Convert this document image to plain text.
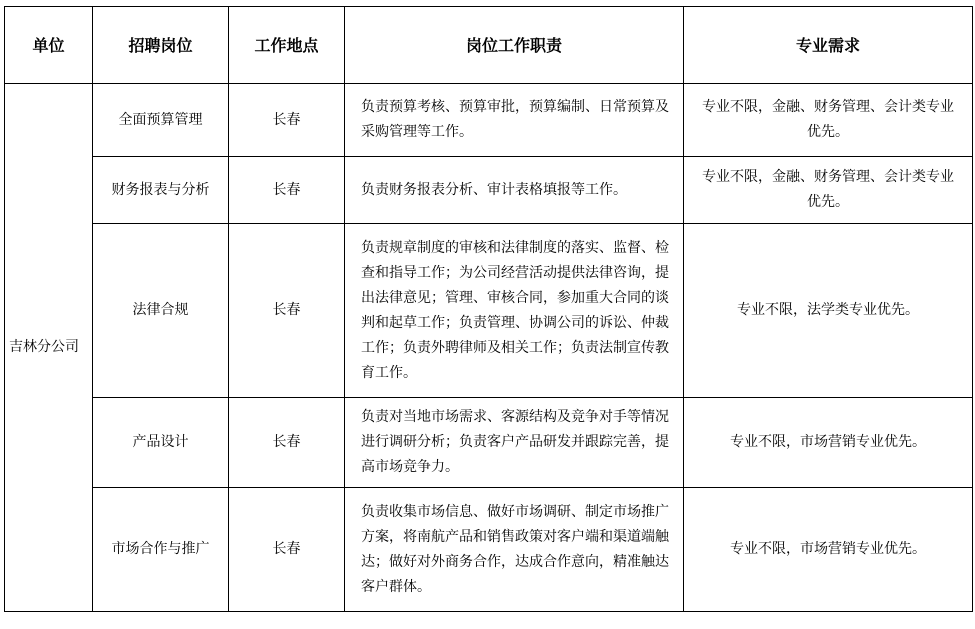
单位	招聘岗位	工作地点	岗位工作职责	专业需求
吉林分公司	全面预算管理	长春	负责预算考核、预算审批，预算编制、日常预算及采购管理等工作。	专业不限，金融、财务管理、会计类专业优先。
	财务报表与分析	长春	负责财务报表分析、审计表格填报等工作。	专业不限，金融、财务管理、会计类专业优先。
	法律合规	长春	负责规章制度的审核和法律制度的落实、监督、检查和指导工作；为公司经营活动提供法律咨询，提出法律意见；管理、审核合同，参加重大合同的谈判和起草工作；负责管理、协调公司的诉讼、仲裁工作；负责外聘律师及相关工作；负责法制宣传教育工作。	专业不限，法学类专业优先。
	产品设计	长春	负责对当地市场需求、客源结构及竞争对手等情况进行调研分析；负责客户产品研发并跟踪完善，提高市场竞争力。	专业不限，市场营销专业优先。
	市场合作与推广	长春	负责收集市场信息、做好市场调研、制定市场推广方案，将南航产品和销售政策对客户端和渠道端触达；做好对外商务合作，达成合作意向，精准触达客户群体。	专业不限，市场营销专业优先。
